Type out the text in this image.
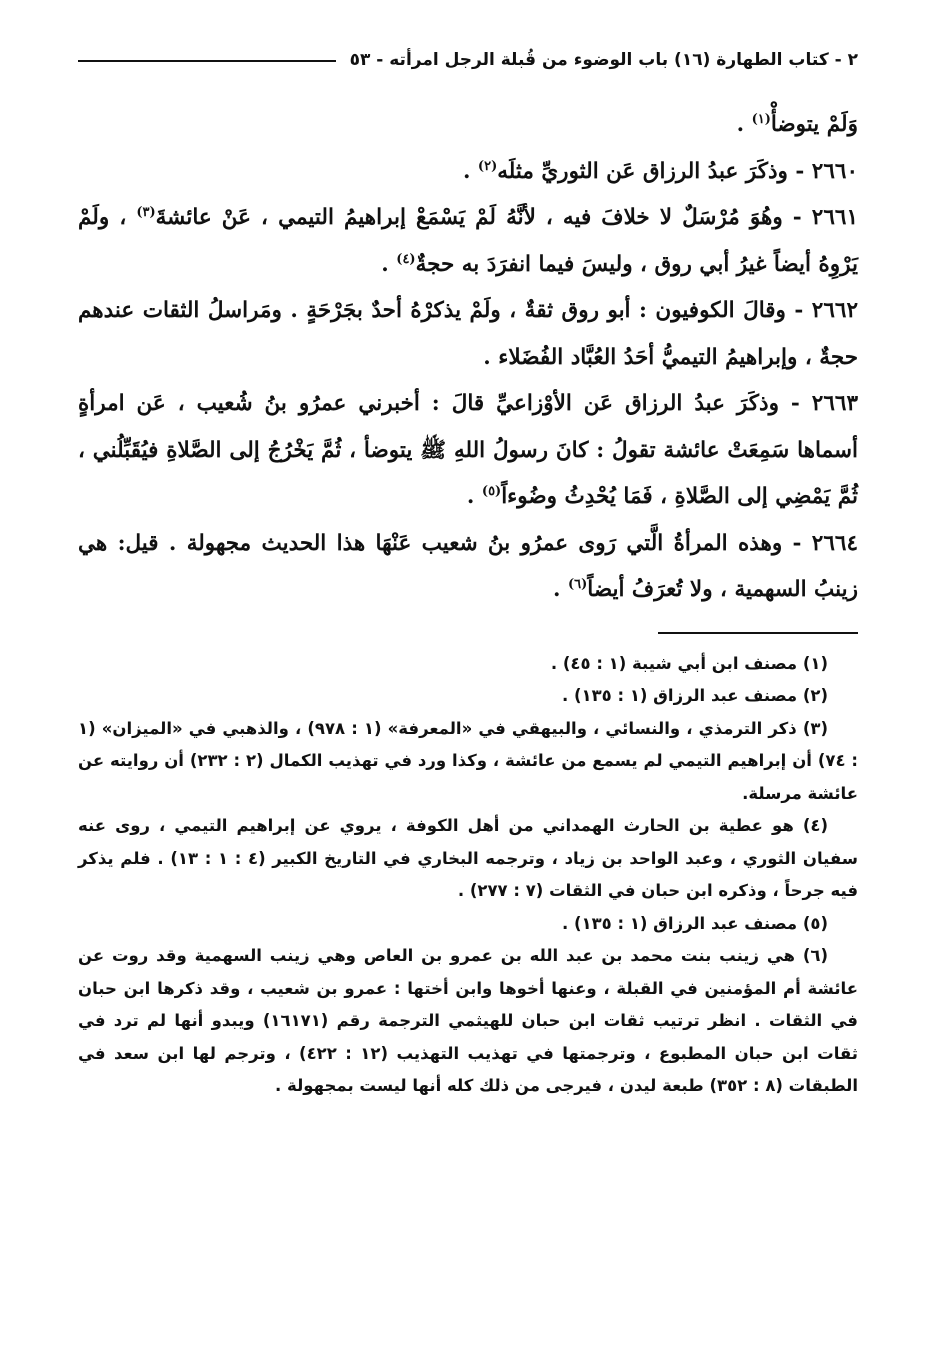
٢ - كتاب الطهارة (١٦) باب الوضوء من قُبلة الرجل امرأته - ٥٣

وَلَمْ يتوضأْ$^{(١)}$ .

٢٦٦٠ - وذكَرَ عبدُ الرزاق عَن الثوريِّ مثلَه$^{(٢)}$ .

٢٦٦١ - وهُوَ مُرْسَلٌ لا خلافَ فيه ، لأنَّهُ لَمْ يَسْمَعْ إبراهيمُ التيمي ، عَنْ عائشةَ$^{(٣)}$ ، ولَمْ يَرْوِهُ أيضاً غيرُ أبي روق ، وليسَ فيما انفرَدَ به حجةٌ$^{(٤)}$ .

٢٦٦٢ - وقالَ الكوفيون : أبو روق ثقةٌ ، ولَمْ يذكرْهُ أحدٌ بجَرْحَةٍ . ومَراسلُ الثقات عندهم حجةٌ ، وإبراهيمُ التيميُّ أحَدُ العُبَّاد الفُضَلاء .

٢٦٦٣ - وذكَرَ عبدُ الرزاق عَن الأوْزاعيِّ قالَ : أخبرني عمرُو بنُ شُعيب ، عَن امرأةٍ أسماها سَمِعَتْ عائشة تقولُ : كانَ رسولُ اللهِ ﷺ يتوضأ ، ثُمَّ يَخْرُجُ إلى الصَّلاةِ فيُقَبِّلُني ، ثُمَّ يَمْضِي إلى الصَّلاةِ ، فَمَا يُحْدِثُ وضُوءاً$^{(٥)}$ .

٢٦٦٤ - وهذه المرأةُ الَّتي رَوى عمرُو بنُ شعيب عَنْهَا هذا الحديث مجهولة . قيل: هي زينبُ السهمية ، ولا تُعرَفُ أيضاً$^{(٦)}$ .

(١) مصنف ابن أبي شيبة (١ : ٤٥) .

(٢) مصنف عبد الرزاق (١ : ١٣٥) .

(٣) ذكر الترمذي ، والنسائي ، والبيهقي في «المعرفة» (١ : ٩٧٨) ، والذهبي في «الميزان» (١ : ٧٤) أن إبراهيم التيمي لم يسمع من عائشة ، وكذا ورد في تهذيب الكمال (٢ : ٢٣٢) أن روايته عن عائشة مرسلة.

(٤) هو عطية بن الحارث الهمداني من أهل الكوفة ، يروي عن إبراهيم التيمي ، روى عنه سفيان الثوري ، وعبد الواحد بن زياد ، وترجمه البخاري في التاريخ الكبير (٤ : ١ : ١٣) . فلم يذكر فيه جرحاً ، وذكره ابن حبان في الثقات (٧ : ٢٧٧) .

(٥) مصنف عبد الرزاق (١ : ١٣٥) .

(٦) هي زينب بنت محمد بن عبد الله بن عمرو بن العاص وهي زينب السهمية وقد روت عن عائشة أم المؤمنين في القبلة ، وعنها أخوها وابن أختها : عمرو بن شعيب ، وقد ذكرها ابن حبان في الثقات . انظر ترتيب ثقات ابن حبان للهيثمي الترجمة رقم (١٦١٧١) ويبدو أنها لم ترد في ثقات ابن حبان المطبوع ، وترجمتها في تهذيب التهذيب (١٢ : ٤٢٢) ، وترجم لها ابن سعد في الطبقات (٨ : ٣٥٢) طبعة ليدن ، فيرجى من ذلك كله أنها ليست بمجهولة .
